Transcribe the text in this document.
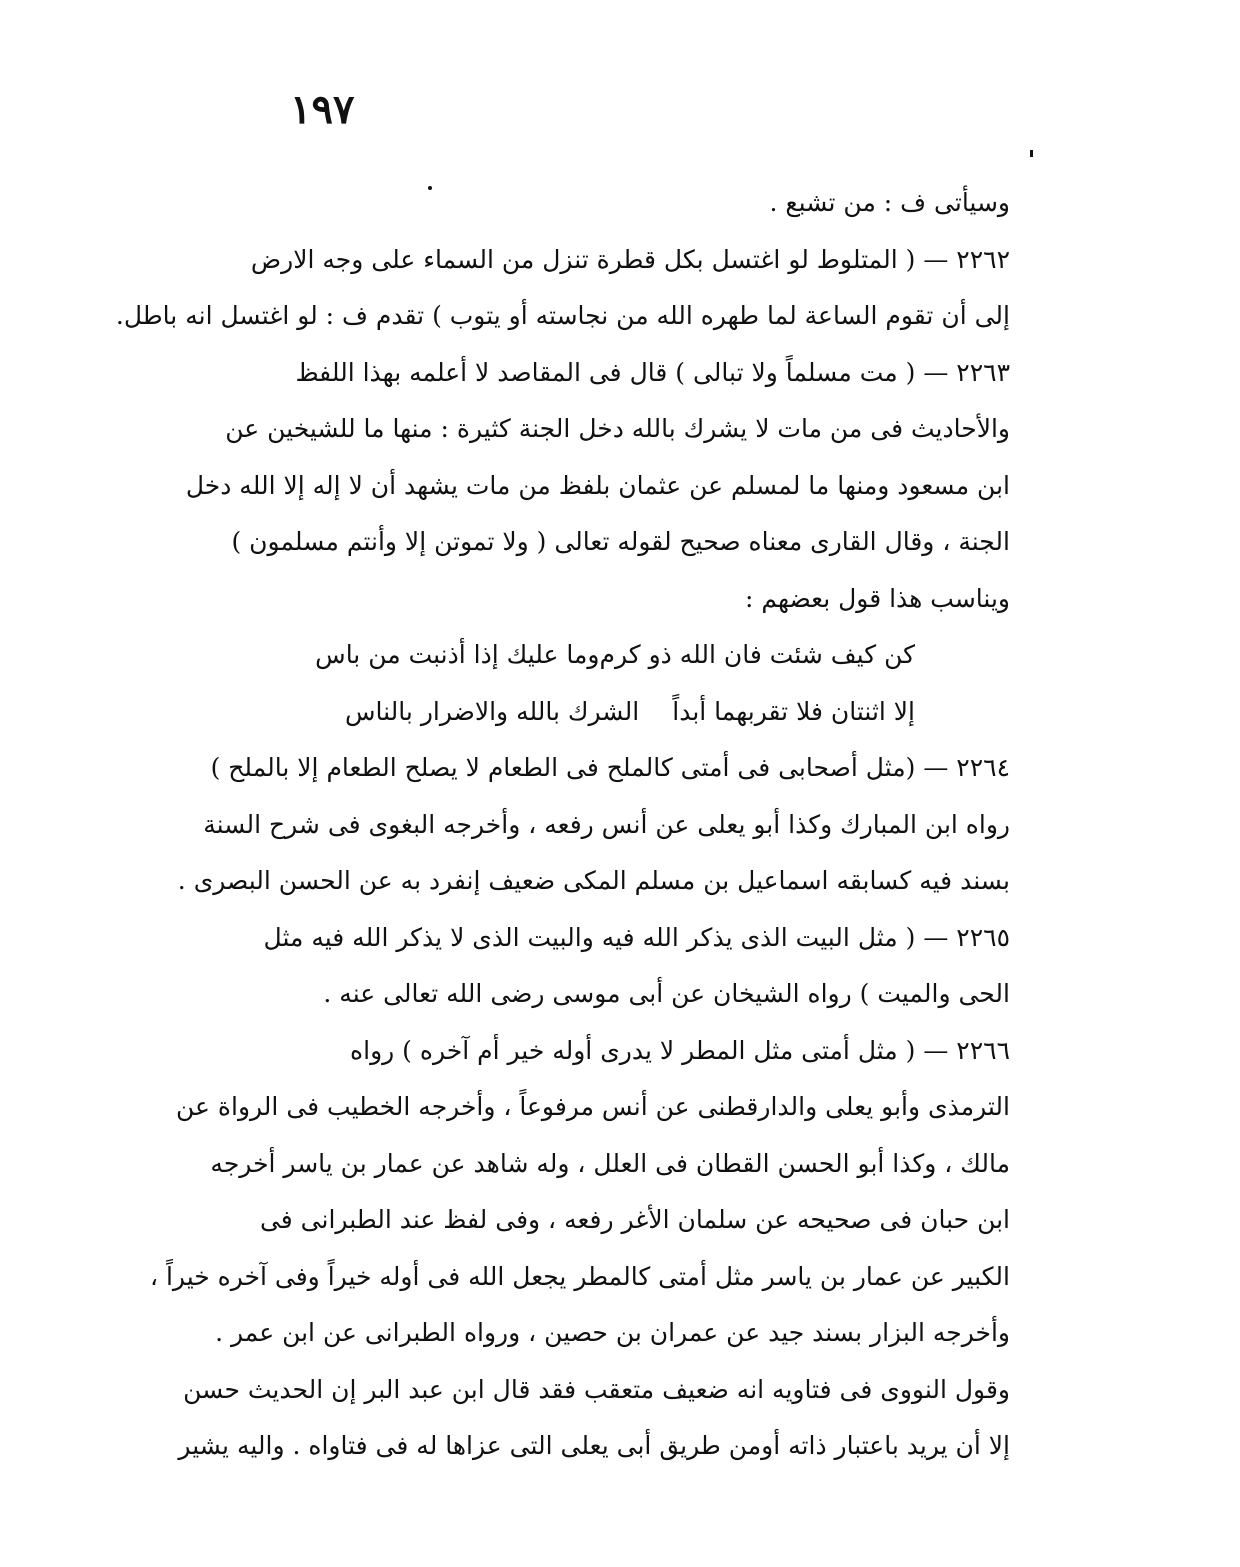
١٩٧
وسيأتى ف : من تشبع .
٢٢٦٢ — ( المتلوط لو اغتسل بكل قطرة تنزل من السماء على وجه الارض
إلى أن تقوم الساعة لما طهره الله من نجاسته أو يتوب ) تقدم ف : لو اغتسل انه باطل.
٢٢٦٣ — ( مت مسلماً ولا تبالى ) قال فى المقاصد لا أعلمه بهذا اللفظ
والأحاديث فى من مات لا يشرك بالله دخل الجنة كثيرة : منها ما للشيخين عن
ابن مسعود ومنها ما لمسلم عن عثمان بلفظ من مات يشهد أن لا إله إلا الله دخل
الجنة ، وقال القارى معناه صحيح لقوله تعالى ( ولا تموتن إلا وأنتم مسلمون )
ويناسب هذا قول بعضهم :
كن كيف شئت فان الله ذو كرم
وما عليك إذا أذنبت من باس
إلا اثنتان فلا تقربهما أبداً
الشرك بالله والاضرار بالناس
٢٢٦٤ — (مثل أصحابى فى أمتى كالملح فى الطعام لا يصلح الطعام إلا بالملح )
رواه ابن المبارك وكذا أبو يعلى عن أنس رفعه ، وأخرجه البغوى فى شرح السنة
بسند فيه كسابقه اسماعيل بن مسلم المكى ضعيف إنفرد به عن الحسن البصرى .
٢٢٦٥ — ( مثل البيت الذى يذكر الله فيه والبيت الذى لا يذكر الله فيه مثل
الحى والميت ) رواه الشيخان عن أبى موسى رضى الله تعالى عنه .
٢٢٦٦ — ( مثل أمتى مثل المطر لا يدرى أوله خير أم آخره ) رواه
الترمذى وأبو يعلى والدارقطنى عن أنس مرفوعاً ، وأخرجه الخطيب فى الرواة عن
مالك ، وكذا أبو الحسن القطان فى العلل ، وله شاهد عن عمار بن ياسر أخرجه
ابن حبان فى صحيحه عن سلمان الأغر رفعه ، وفى لفظ عند الطبرانى فى
الكبير عن عمار بن ياسر مثل أمتى كالمطر يجعل الله فى أوله خيراً وفى آخره خيراً ،
وأخرجه البزار بسند جيد عن عمران بن حصين ، ورواه الطبرانى عن ابن عمر .
وقول النووى فى فتاويه انه ضعيف متعقب فقد قال ابن عبد البر إن الحديث حسن
إلا أن يريد باعتبار ذاته أومن طريق أبى يعلى التى عزاها له فى فتاواه . واليه يشير
